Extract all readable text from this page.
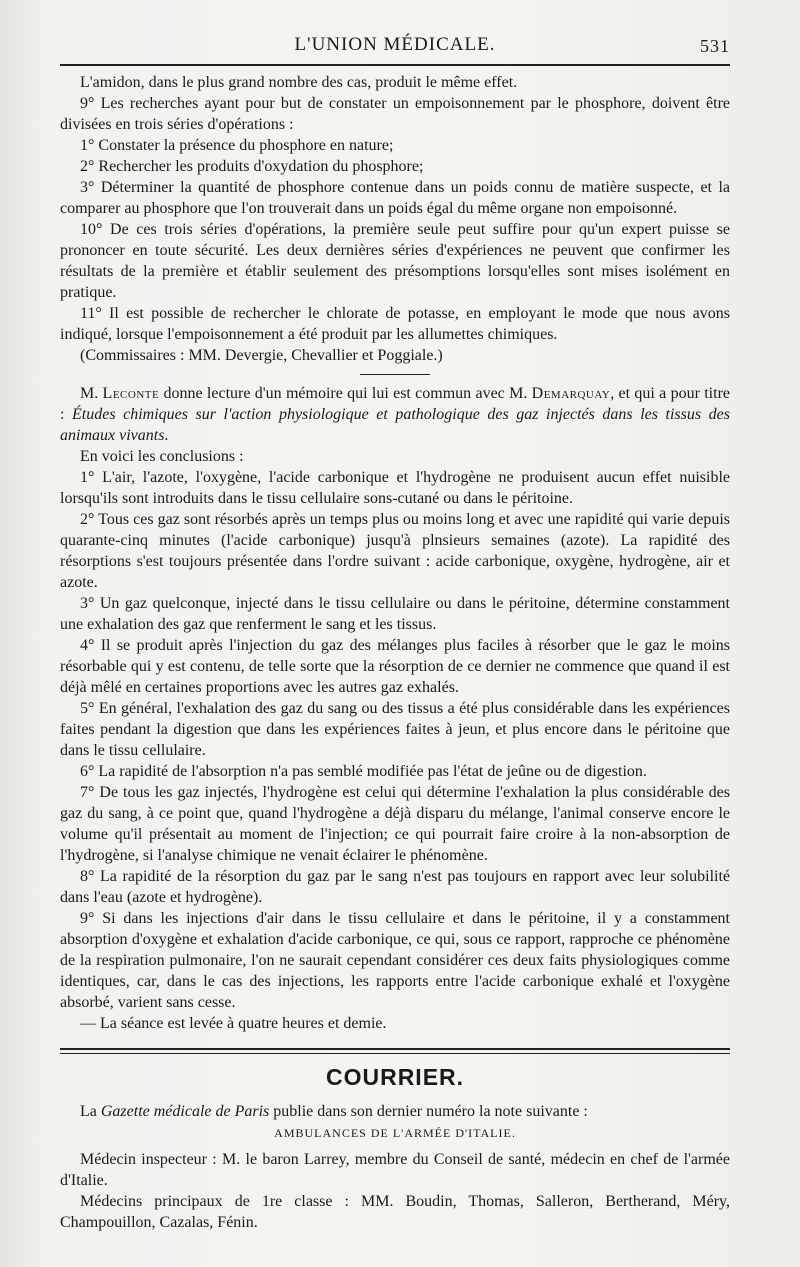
L'UNION MÉDICALE.	531

L'amidon, dans le plus grand nombre des cas, produit le même effet.

9° Les recherches ayant pour but de constater un empoisonnement par le phosphore, doivent être divisées en trois séries d'opérations :

1° Constater la présence du phosphore en nature;

2° Rechercher les produits d'oxydation du phosphore;

3° Déterminer la quantité de phosphore contenue dans un poids connu de matière suspecte, et la comparer au phosphore que l'on trouverait dans un poids égal du même organe non empoisonné.

10° De ces trois séries d'opérations, la première seule peut suffire pour qu'un expert puisse se prononcer en toute sécurité. Les deux dernières séries d'expériences ne peuvent que confirmer les résultats de la première et établir seulement des présomptions lorsqu'elles sont mises isolément en pratique.

11° Il est possible de rechercher le chlorate de potasse, en employant le mode que nous avons indiqué, lorsque l'empoisonnement a été produit par les allumettes chimiques.

(Commissaires : MM. Devergie, Chevallier et Poggiale.)

M. Leconte donne lecture d'un mémoire qui lui est commun avec M. Demarquay, et qui a pour titre : Études chimiques sur l'action physiologique et pathologique des gaz injectés dans les tissus des animaux vivants.

En voici les conclusions :

1° L'air, l'azote, l'oxygène, l'acide carbonique et l'hydrogène ne produisent aucun effet nuisible lorsqu'ils sont introduits dans le tissu cellulaire sons-cutané ou dans le péritoine.

2° Tous ces gaz sont résorbés après un temps plus ou moins long et avec une rapidité qui varie depuis quarante-cinq minutes (l'acide carbonique) jusqu'à plnsieurs semaines (azote). La rapidité des résorptions s'est toujours présentée dans l'ordre suivant : acide carbonique, oxygène, hydrogène, air et azote.

3° Un gaz quelconque, injecté dans le tissu cellulaire ou dans le péritoine, détermine constamment une exhalation des gaz que renferment le sang et les tissus.

4° Il se produit après l'injection du gaz des mélanges plus faciles à résorber que le gaz le moins résorbable qui y est contenu, de telle sorte que la résorption de ce dernier ne commence que quand il est déjà mêlé en certaines proportions avec les autres gaz exhalés.

5° En général, l'exhalation des gaz du sang ou des tissus a été plus considérable dans les expériences faites pendant la digestion que dans les expériences faites à jeun, et plus encore dans le péritoine que dans le tissu cellulaire.

6° La rapidité de l'absorption n'a pas semblé modifiée pas l'état de jeûne ou de digestion.

7° De tous les gaz injectés, l'hydrogène est celui qui détermine l'exhalation la plus considérable des gaz du sang, à ce point que, quand l'hydrogène a déjà disparu du mélange, l'animal conserve encore le volume qu'il présentait au moment de l'injection; ce qui pourrait faire croire à la non-absorption de l'hydrogène, si l'analyse chimique ne venait éclairer le phénomène.

8° La rapidité de la résorption du gaz par le sang n'est pas toujours en rapport avec leur solubilité dans l'eau (azote et hydrogène).

9° Si dans les injections d'air dans le tissu cellulaire et dans le péritoine, il y a constamment absorption d'oxygène et exhalation d'acide carbonique, ce qui, sous ce rapport, rapproche ce phénomène de la respiration pulmonaire, l'on ne saurait cependant considérer ces deux faits physiologiques comme identiques, car, dans le cas des injections, les rapports entre l'acide carbonique exhalé et l'oxygène absorbé, varient sans cesse.

— La séance est levée à quatre heures et demie.

COURRIER.

La Gazette médicale de Paris publie dans son dernier numéro la note suivante :

AMBULANCES DE L'ARMÉE D'ITALIE.

Médecin inspecteur : M. le baron Larrey, membre du Conseil de santé, médecin en chef de l'armée d'Italie.

Médecins principaux de 1re classe : MM. Boudin, Thomas, Salleron, Bertherand, Méry, Champouillon, Cazalas, Fénin.
